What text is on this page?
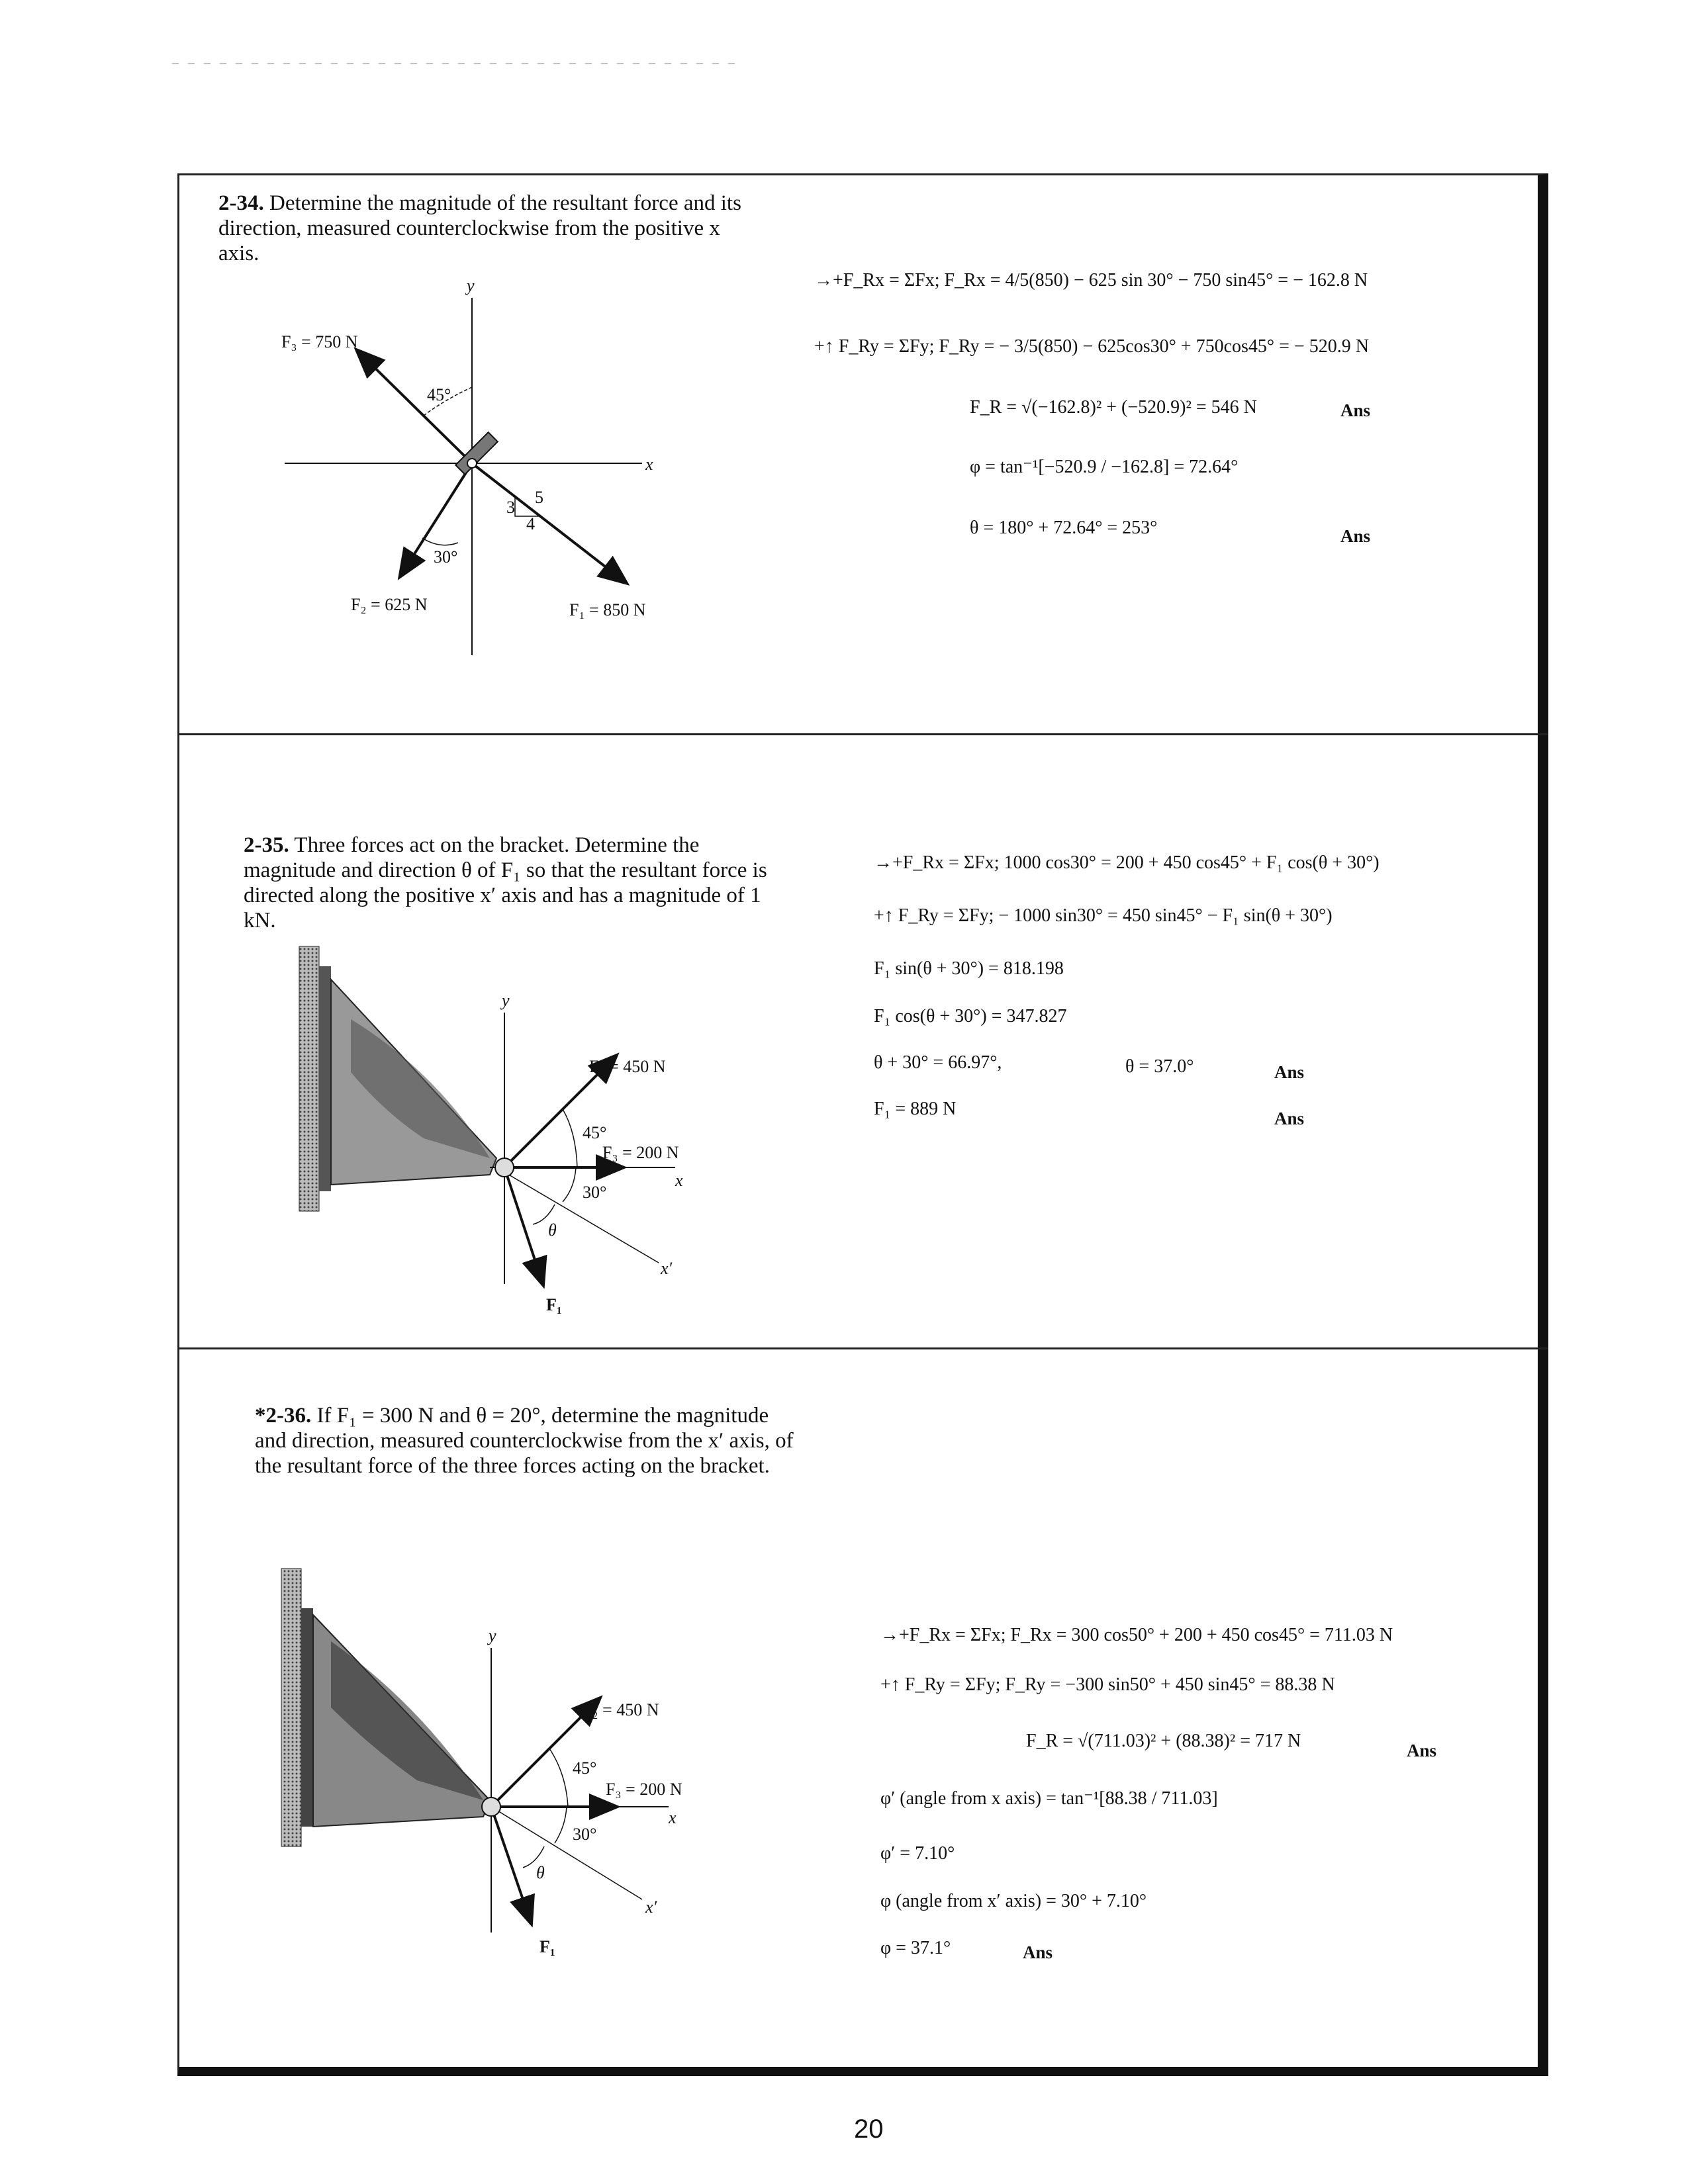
2-34. Determine the magnitude of the resultant force and its direction, measured counterclockwise from the positive x axis.
y
x
45°
30°
3
4
5
F₃ = 750 N
F₂ = 625 N	F₁ = 850 N
→+F_Rx = ΣFx; F_Rx = 4/5(850) − 625 sin 30° − 750 sin45° = − 162.8 N
+↑ F_Ry = ΣFy; F_Ry = − 3/5(850) − 625cos30° + 750cos45° = − 520.9 N
F_R = √(−162.8)² + (−520.9)² = 546 N	Ans
φ = tan⁻¹[−520.9 / −162.8] = 72.64°
θ = 180° + 72.64° = 253°	Ans
2-35. Three forces act on the bracket. Determine the magnitude and direction θ of F₁ so that the resultant force is directed along the positive x′ axis and has a magnitude of 1 kN.
y
x
x′
45°
30°
θ
F₂ = 450 N
F₃ = 200 N
F₁
→+F_Rx = ΣFx; 1000 cos30° = 200 + 450 cos45° + F₁ cos(θ + 30°)
+↑ F_Ry = ΣFy; − 1000 sin30° = 450 sin45° − F₁ sin(θ + 30°)
F₁ sin(θ + 30°) = 818.198
F₁ cos(θ + 30°) = 347.827
θ + 30° = 66.97°,	θ = 37.0°	Ans
F₁ = 889 N	Ans
*2-36. If F₁ = 300 N and θ = 20°, determine the magnitude and direction, measured counterclockwise from the x′ axis, of the resultant force of the three forces acting on the bracket.
y
x
x′
45°
30°
θ
F₂ = 450 N
F₃ = 200 N
F₁
→+F_Rx = ΣFx; F_Rx = 300 cos50° + 200 + 450 cos45° = 711.03 N
+↑ F_Ry = ΣFy; F_Ry = −300 sin50° + 450 sin45° = 88.38 N
F_R = √(711.03)² + (88.38)² = 717 N	Ans
φ′ (angle from x axis) = tan⁻¹[88.38 / 711.03]
φ′ = 7.10°
φ (angle from x′ axis) = 30° + 7.10°
φ = 37.1°	Ans
20
